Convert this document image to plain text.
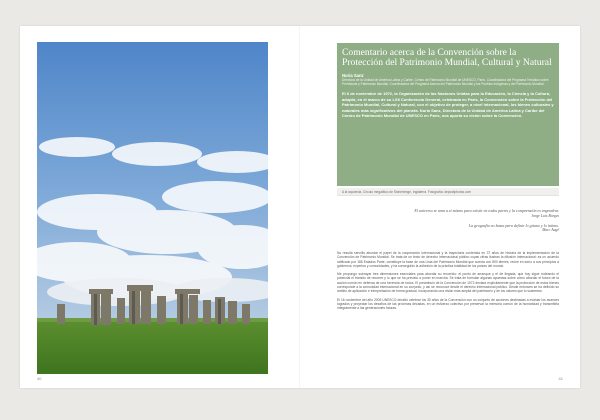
40	41
Comentario acerca de la Convención sobre la Protección del Patrimonio Mundial, Cultural y Natural
Nuria Sanz
Directora de la Unidad de América Latina y Caribe, Centro de Patrimonio Mundial de UNESCO, París. Coordinadora del Programa Temático sobre Prehistoria y Patrimonio Mundial. Coordinadora del Programa Acerca del Patrimonio Mundial y los Pueblos Indígenas y del Patrimonio Mundial.

El 6 de noviembre de 1972, la Organización de las Naciones Unidas para la Educación, la Ciencia y la Cultura, adoptó, en el marco de su LXII Conferencia General, celebrada en París, la Convención sobre la Protección del Patrimonio Mundial, Cultural y Natural, con el objetivo de proteger, a nivel internacional, los bienes culturales y naturales más significativos del planeta. Nuria Sanz, Directora de la Unidad de América Latina y Caribe del Centro de Patrimonio Mundial de UNESCO en París, nos aporta su visión sobre la Convención.

A la izquierda, Círculo megalítico de Stonehenge, Inglaterra. Fotografía: depositphotos.com
El universo se ama a sí mismo para existir en todas partes y la comprensión es engendrar.
Jorge Luis Borges
La geografía no basta para definir lo gitano y lo íntimo.
Marc Augé

No resulta sencillo abordar el papel de la cooperación internacional y la trayectoria contenida en 37 años de historia de la implementación de la Convención de Patrimonio Mundial. Se trata de un texto de derecho internacional público cuyas cifras ilustran la difusión internacional: es un acuerdo ratificado por 186 Estados Parte, constituye la base de una Lista del Patrimonio Mundial que cuenta con 890 bienes, reúne en torno a sus principios a gobiernos, expertos y comunidades, y ha conseguido la adhesión de la práctica totalidad de los países del mundo.

Me propongo subrayar tres dimensiones esenciales para abordar su recorrido: el punto de arranque y el de llegada, que hoy sigue rodeando el potencial el tránsito de recorrer y lo que se ha previsto a poner en marcha. Se trata de formular algunas apuestas sobre cómo abordar el futuro de la acción común en defensa de una herencia de todos. El preámbulo de la Convención de 1972 declara explícitamente que la protección de estos bienes corresponde a la comunidad internacional en su conjunto, y así se reconoce desde el derecho internacional público. Desde entonces se ha definido su ámbito de aplicación e interpretación de forma gradual, incorporando una visión más amplia del patrimonio y de los valores que lo sustentan.

El 16 noviembre del año 2005 UNESCO decidió celebrar los 30 años de la Convención con un conjunto de acciones destinadas a evaluar los avances logrados y proyectar los desafíos de las próximas décadas, en un esfuerzo colectivo por preservar la memoria común de la humanidad y transmitirla íntegramente a las generaciones futuras.
